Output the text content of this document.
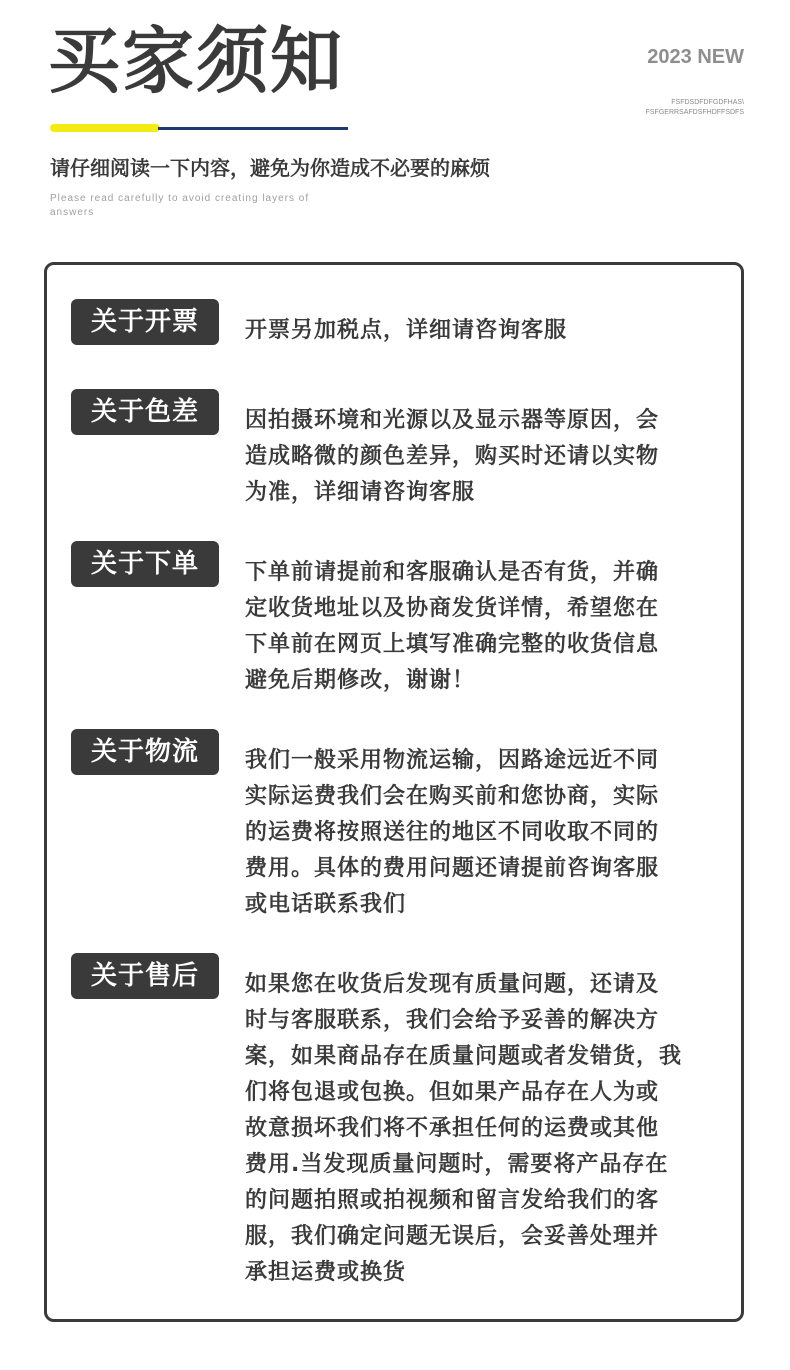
买家须知	2023 NEW
FSFDSDFDFGDFHAS\
FSFGERRSAFDSFHDFFSDFS
请仔细阅读一下内容，避免为你造成不必要的麻烦
Please read carefully to avoid creating layers of answers
关于开票	开票另加税点，详细请咨询客服
关于色差	因拍摄环境和光源以及显示器等原因，会
造成略微的颜色差异，购买时还请以实物
为准，详细请咨询客服
关于下单	下单前请提前和客服确认是否有货，并确
定收货地址以及协商发货详情，希望您在
下单前在网页上填写准确完整的收货信息
避免后期修改，谢谢！
关于物流	我们一般采用物流运输，因路途远近不同
实际运费我们会在购买前和您协商，实际
的运费将按照送往的地区不同收取不同的
费用。具体的费用问题还请提前咨询客服
或电话联系我们
关于售后	如果您在收货后发现有质量问题，还请及
时与客服联系，我们会给予妥善的解决方
案，如果商品存在质量问题或者发错货，我
们将包退或包换。但如果产品存在人为或
故意损坏我们将不承担任何的运费或其他
费用.当发现质量问题时，需要将产品存在
的问题拍照或拍视频和留言发给我们的客
服，我们确定问题无误后，会妥善处理并
承担运费或换货
